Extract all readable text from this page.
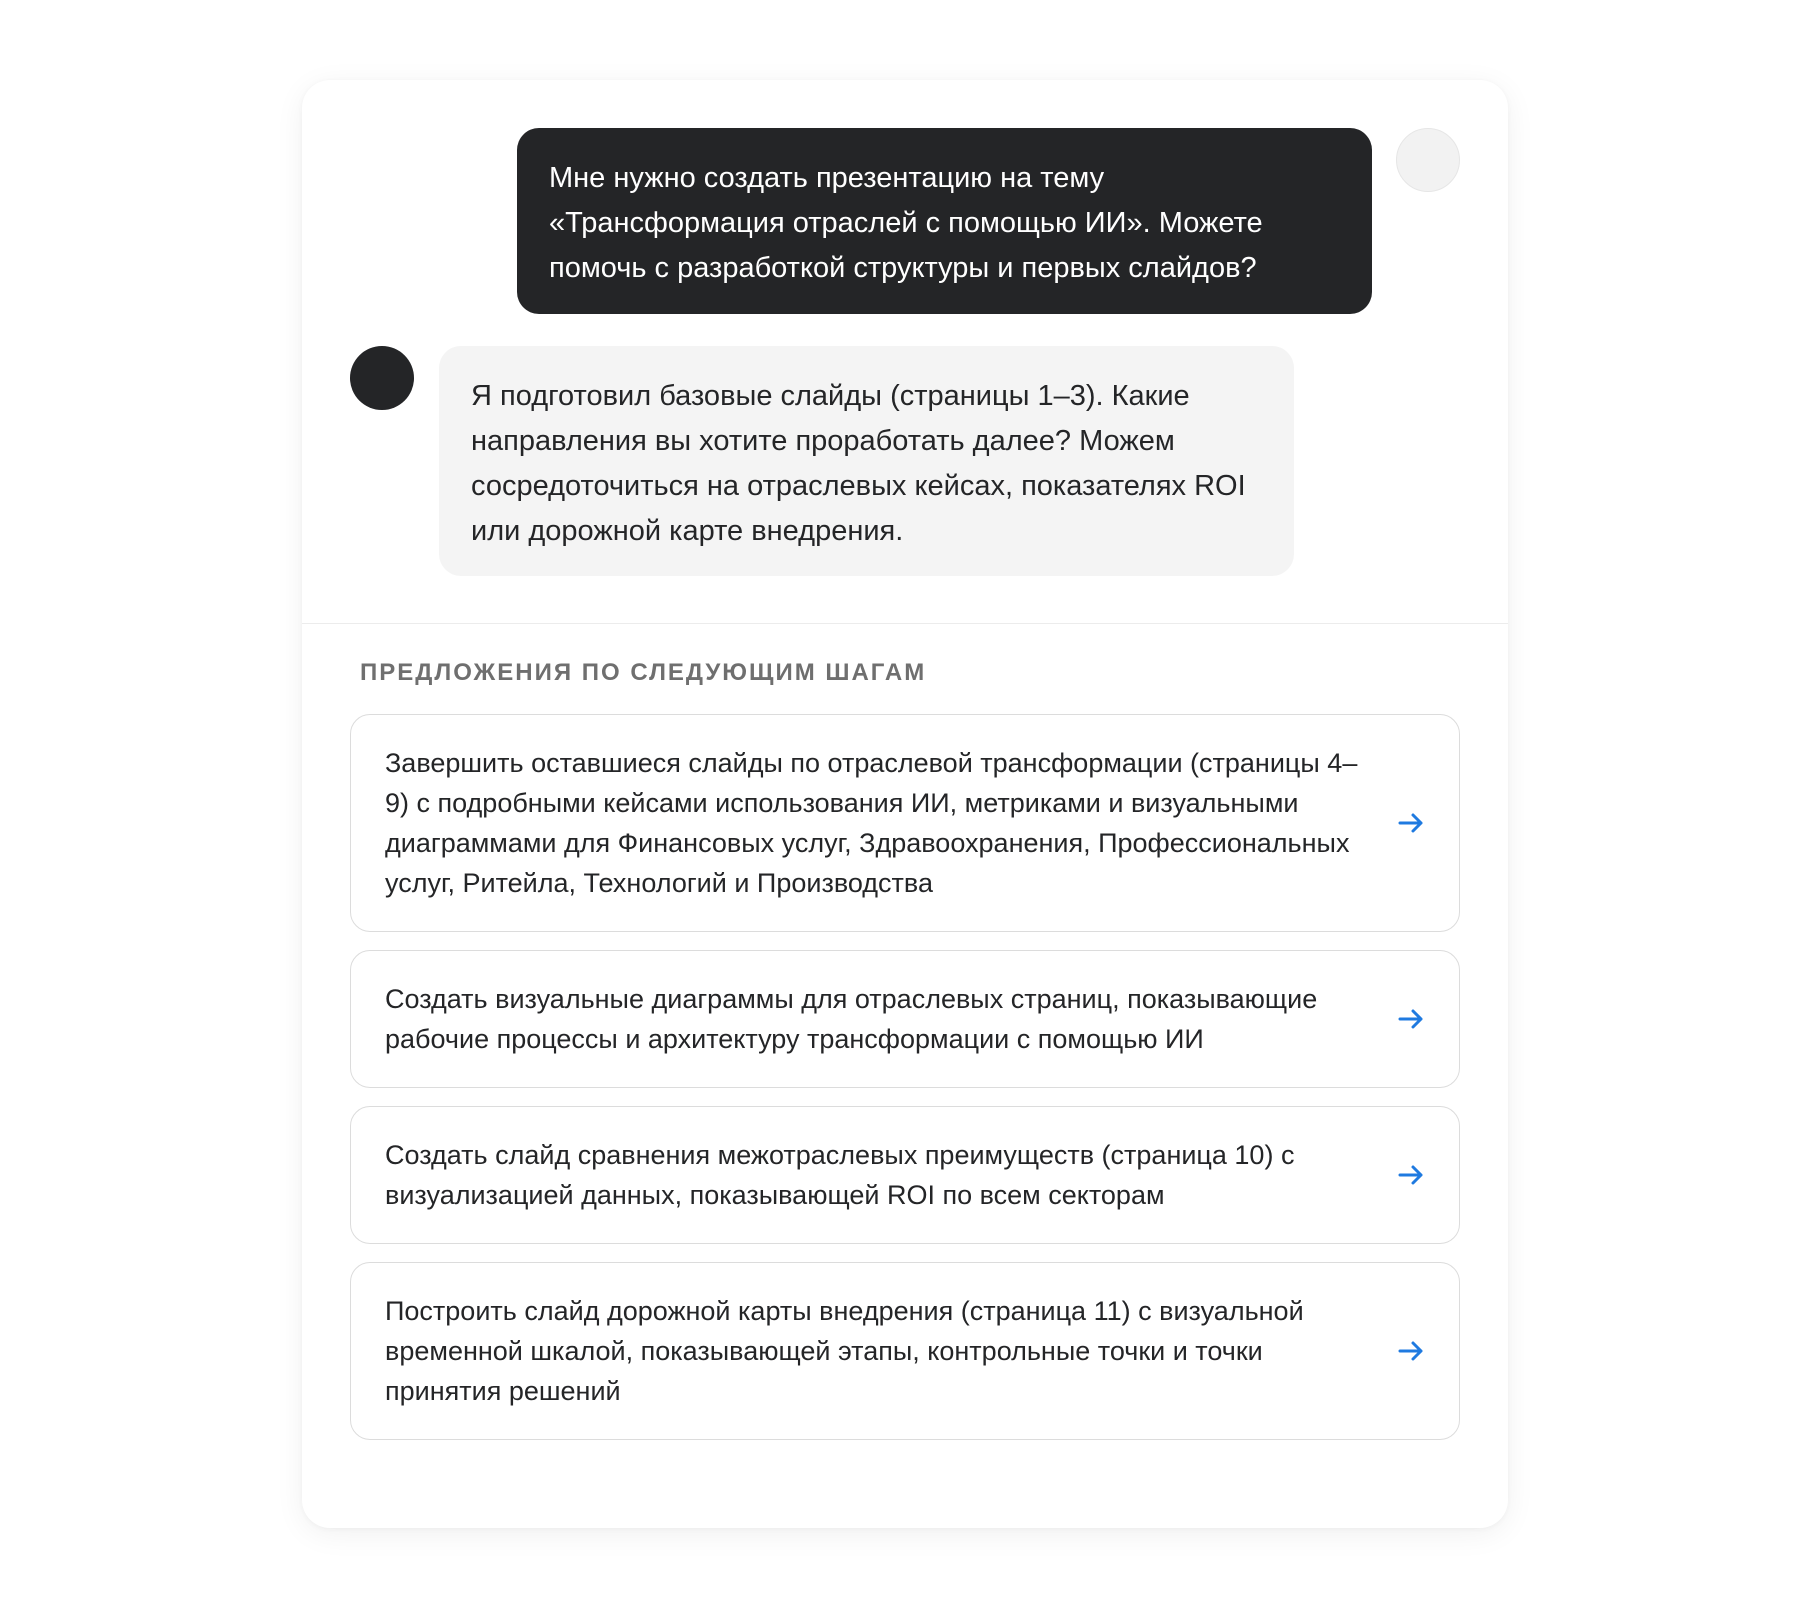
Мне нужно создать презентацию на тему «Трансформация отраслей с помощью ИИ». Можете помочь с разработкой структуры и первых слайдов?
Я подготовил базовые слайды (страницы 1–3). Какие направления вы хотите проработать далее? Можем сосредоточиться на отраслевых кейсах, показателях ROI или дорожной карте внедрения.
ПРЕДЛОЖЕНИЯ ПО СЛЕДУЮЩИМ ШАГАМ
Завершить оставшиеся слайды по отраслевой трансформации (страницы 4–9) с подробными кейсами использования ИИ, метриками и визуальными диаграммами для Финансовых услуг, Здравоохранения, Профессиональных услуг, Ритейла, Технологий и Производства
Создать визуальные диаграммы для отраслевых страниц, показывающие рабочие процессы и архитектуру трансформации с помощью ИИ
Создать слайд сравнения межотраслевых преимуществ (страница 10) с визуализацией данных, показывающей ROI по всем секторам
Построить слайд дорожной карты внедрения (страница 11) с визуальной временной шкалой, показывающей этапы, контрольные точки и точки принятия решений
